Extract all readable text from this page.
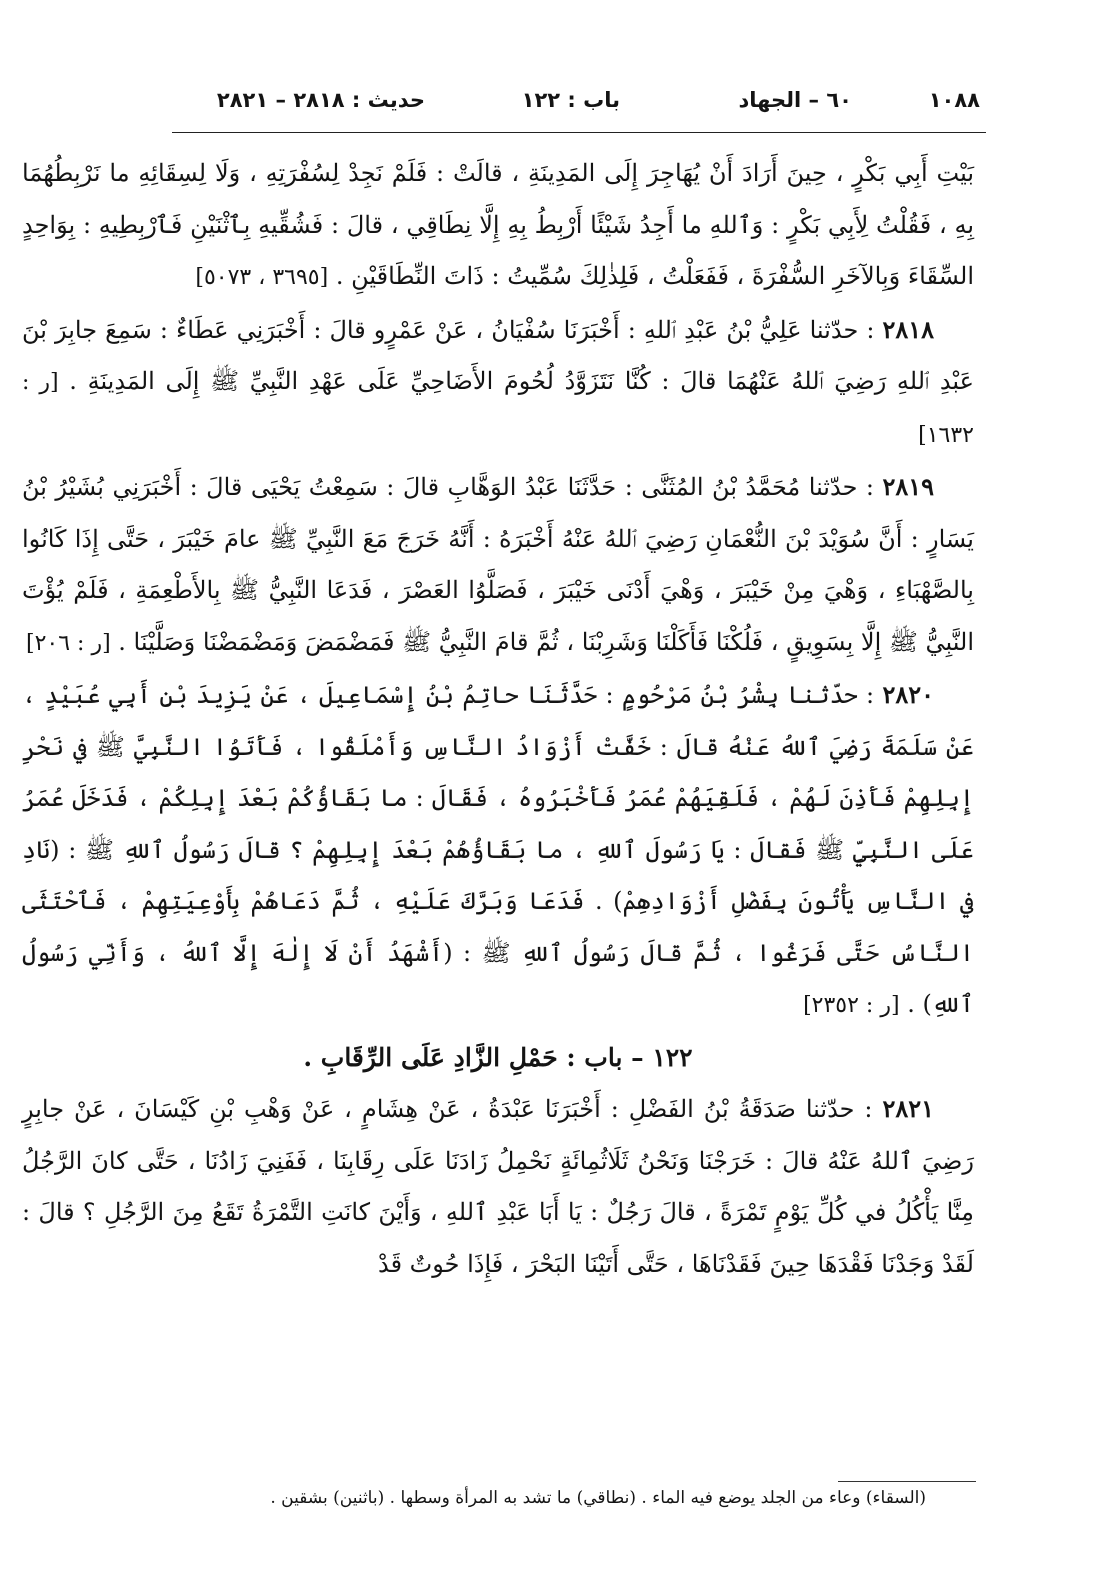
١٠٨٨
٦٠ – الجهاد
باب : ١٢٢
حديث : ٢٨١٨ – ٢٨٢١

بَيْتِ أَبِي بَكْرٍ ، حِينَ أَرَادَ أَنْ يُهَاجِرَ إِلَى المَدِينَةِ ، قالَتْ : فَلَمْ نَجِدْ لِسُفْرَتِهِ ، وَلَا لِسِقَائِهِ ما نَرْبِطُهُمَا بِهِ ، فَقُلْتُ لِأَبِي بَكْرٍ : وَٱللهِ ما أَجِدُ شَيْئًا أَرْبِطُ بِهِ إِلَّا نِطَاقِي ، قالَ : فَشُقِّيهِ بِٱثْنَيْنِ فَٱرْبِطِيهِ : بِوَاحِدٍ السِّقَاءَ وَبِالآخَرِ السُّفْرَةَ ، فَفَعَلْتُ ، فَلِذٰلِكَ سُمِّيتُ : ذَاتَ النِّطَاقَيْنِ . [٣٦٩٥ ، ٥٠٧٣]

٢٨١٨ : حدّثنا عَلِيُّ بْنُ عَبْدِ ٱللهِ : أَخْبَرَنَا سُفْيَانُ ، عَنْ عَمْرٍو قالَ : أَخْبَرَنِي عَطَاءٌ : سَمِعَ جابِرَ بْنَ عَبْدِ ٱللهِ رَضِيَ ٱللهُ عَنْهُمَا قالَ : كُنَّا نَتَزَوَّدُ لُحُومَ الأَضَاحِيِّ عَلَى عَهْدِ النَّبِيِّ ﷺ إِلَى المَدِينَةِ . [ر : ١٦٣٢]

٢٨١٩ : حدّثنا مُحَمَّدُ بْنُ المُثَنَّى : حَدَّثَنَا عَبْدُ الوَهَّابِ قالَ : سَمِعْتُ يَحْيَى قالَ : أَخْبَرَنِي بُشَيْرُ بْنُ يَسَارٍ : أَنَّ سُوَيْدَ بْنَ النُّعْمَانِ رَضِيَ ٱللهُ عَنْهُ أَخْبَرَهُ : أَنَّهُ خَرَجَ مَعَ النَّبِيِّ ﷺ عامَ خَيْبَرَ ، حَتَّى إِذَا كَانُوا بِالصَّهْبَاءِ ، وَهْيَ مِنْ خَيْبَرَ ، وَهْيَ أَدْنَى خَيْبَرَ ، فَصَلَّوُا العَصْرَ ، فَدَعَا النَّبِيُّ ﷺ بِالأَطْعِمَةِ ، فَلَمْ يُؤْتَ النَّبِيُّ ﷺ إِلَّا بِسَوِيقٍ ، فَلُكْنَا فَأَكَلْنَا وَشَرِبْنَا ، ثُمَّ قامَ النَّبِيُّ ﷺ فَمَضْمَضَ وَمَضْمَضْنَا وَصَلَّيْنَا . [ر : ٢٠٦]

٢٨٢٠ : حدّثنا بِشْرُ بْنُ مَرْحُومٍ : حَدَّثَنَا حاتِمُ بْنُ إِسْمَاعِيلَ ، عَنْ يَزِيدَ بْنِ أَبِي عُبَيْدٍ ، عَنْ سَلَمَةَ رَضِيَ ٱللهُ عَنْهُ قالَ : خَفَّتْ أَزْوَادُ النَّاسِ وَأَمْلَقُوا ، فَأَتَوُا النَّبِيَّ ﷺ في نَحْرِ إِبِلِهِمْ فَأَذِنَ لَهُمْ ، فَلَقِيَهُمْ عُمَرُ فَأَخْبَرُوهُ ، فَقَالَ : ما بَقَاؤُكُمْ بَعْدَ إِبِلِكُمْ ، فَدَخَلَ عُمَرُ عَلَى النَّبِيِّ ﷺ فَقالَ : يَا رَسُولَ ٱللهِ ، ما بَقَاؤُهُمْ بَعْدَ إِبِلِهِمْ ؟ قالَ رَسُولُ ٱللهِ ﷺ : (نَادِ في النَّاسِ يَأْتُونَ بِفَضْلِ أَزْوَادِهِمْ) . فَدَعَا وَبَرَّكَ عَلَيْهِ ، ثُمَّ دَعَاهُمْ بِأَوْعِيَتِهِمْ ، فَٱحْتَثَى النَّاسُ حَتَّى فَرَغُوا ، ثُمَّ قالَ رَسُولُ ٱللهِ ﷺ : (أَشْهَدُ أَنْ لَا إِلٰهَ إِلَّا ٱللهُ ، وَأَنِّي رَسُولُ ٱللهِ) . [ر : ٢٣٥٢]

١٢٢ – باب : حَمْلِ الزَّادِ عَلَى الرِّقَابِ .

٢٨٢١ : حدّثنا صَدَقَةُ بْنُ الفَضْلِ : أَخْبَرَنَا عَبْدَةُ ، عَنْ هِشَامٍ ، عَنْ وَهْبِ بْنِ كَيْسَانَ ، عَنْ جابِرٍ رَضِيَ ٱللهُ عَنْهُ قالَ : خَرَجْنَا وَنَحْنُ ثَلَاثُمِائَةٍ نَحْمِلُ زَادَنَا عَلَى رِقَابِنَا ، فَفَنِيَ زَادُنَا ، حَتَّى كانَ الرَّجُلُ مِنَّا يَأْكُلُ في كُلِّ يَوْمٍ تَمْرَةً ، قالَ رَجُلٌ : يَا أَبَا عَبْدِ ٱللهِ ، وَأَيْنَ كانَتِ التَّمْرَةُ تَقَعُ مِنَ الرَّجُلِ ؟ قالَ : لَقَدْ وَجَدْنَا فَقْدَهَا حِينَ فَقَدْنَاهَا ، حَتَّى أَتَيْنَا البَحْرَ ، فَإِذَا حُوتٌ قَدْ

(السقاء) وعاء من الجلد يوضع فيه الماء . (نطاقي) ما تشد به المرأة وسطها . (باثنين) بشقين .
